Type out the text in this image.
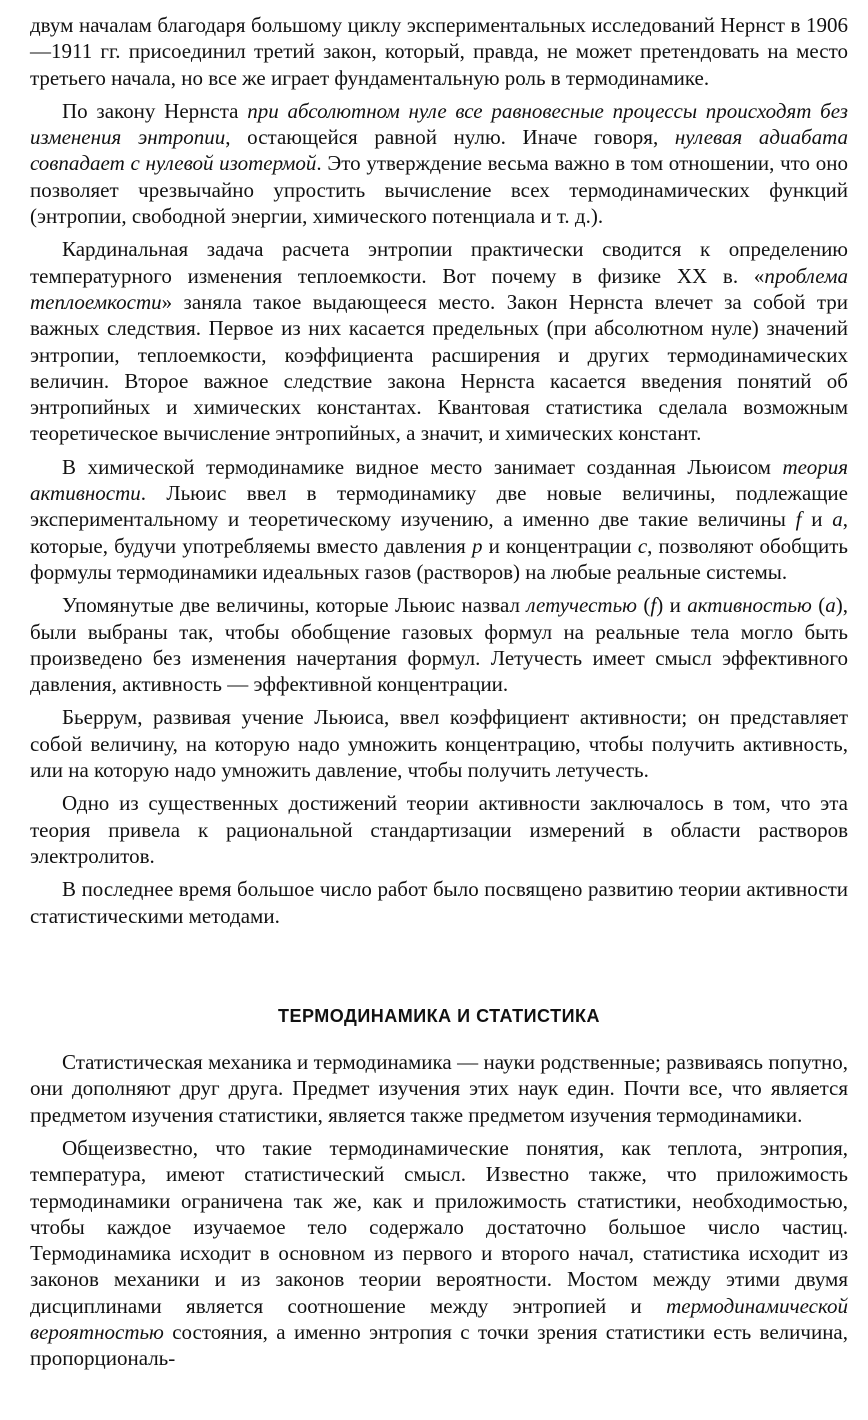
двум началам благодаря большому циклу экспериментальных исследований Нернст в 1906—1911 гг. присоединил третий закон, который, правда, не может претендовать на место третьего начала, но все же играет фундаментальную роль в термодинамике.

По закону Нернста при абсолютном нуле все равновесные процессы происходят без изменения энтропии, остающейся равной нулю. Иначе говоря, нулевая адиабата совпадает с нулевой изотермой. Это утверждение весьма важно в том отношении, что оно позволяет чрезвычайно упростить вычисление всех термодинамических функций (энтропии, свободной энергии, химического потенциала и т. д.).

Кардинальная задача расчета энтропии практически сводится к определению температурного изменения теплоемкости. Вот почему в физике XX в. «проблема теплоемкости» заняла такое выдающееся место. Закон Нернста влечет за собой три важных следствия. Первое из них касается предельных (при абсолютном нуле) значений энтропии, теплоемкости, коэффициента расширения и других термодинамических величин. Второе важное следствие закона Нернста касается введения понятий об энтропийных и химических константах. Квантовая статистика сделала возможным теоретическое вычисление энтропийных, а значит, и химических констант.

В химической термодинамике видное место занимает созданная Льюисом теория активности. Льюис ввел в термодинамику две новые величины, подлежащие экспериментальному и теоретическому изучению, а именно две такие величины f и a, которые, будучи употребляемы вместо давления p и концентрации c, позволяют обобщить формулы термодинамики идеальных газов (растворов) на любые реальные системы.

Упомянутые две величины, которые Льюис назвал летучестью (f) и активностью (a), были выбраны так, чтобы обобщение газовых формул на реальные тела могло быть произведено без изменения начертания формул. Летучесть имеет смысл эффективного давления, активность — эффективной концентрации.

Бьеррум, развивая учение Льюиса, ввел коэффициент активности; он представляет собой величину, на которую надо умножить концентрацию, чтобы получить активность, или на которую надо умножить давление, чтобы получить летучесть.

Одно из существенных достижений теории активности заключалось в том, что эта теория привела к рациональной стандартизации измерений в области растворов электролитов.

В последнее время большое число работ было посвящено развитию теории активности статистическими методами.

ТЕРМОДИНАМИКА И СТАТИСТИКА

Статистическая механика и термодинамика — науки родственные; развиваясь попутно, они дополняют друг друга. Предмет изучения этих наук един. Почти все, что является предметом изучения статистики, является также предметом изучения термодинамики.

Общеизвестно, что такие термодинамические понятия, как теплота, энтропия, температура, имеют статистический смысл. Известно также, что приложимость термодинамики ограничена так же, как и приложимость статистики, необходимостью, чтобы каждое изучаемое тело содержало достаточно большое число частиц. Термодинамика исходит в основном из первого и второго начал, статистика исходит из законов механики и из законов теории вероятности. Мостом между этими двумя дисциплинами является соотношение между энтропией и термодинамической вероятностью состояния, а именно энтропия с точки зрения статистики есть величина, пропорциональ-
